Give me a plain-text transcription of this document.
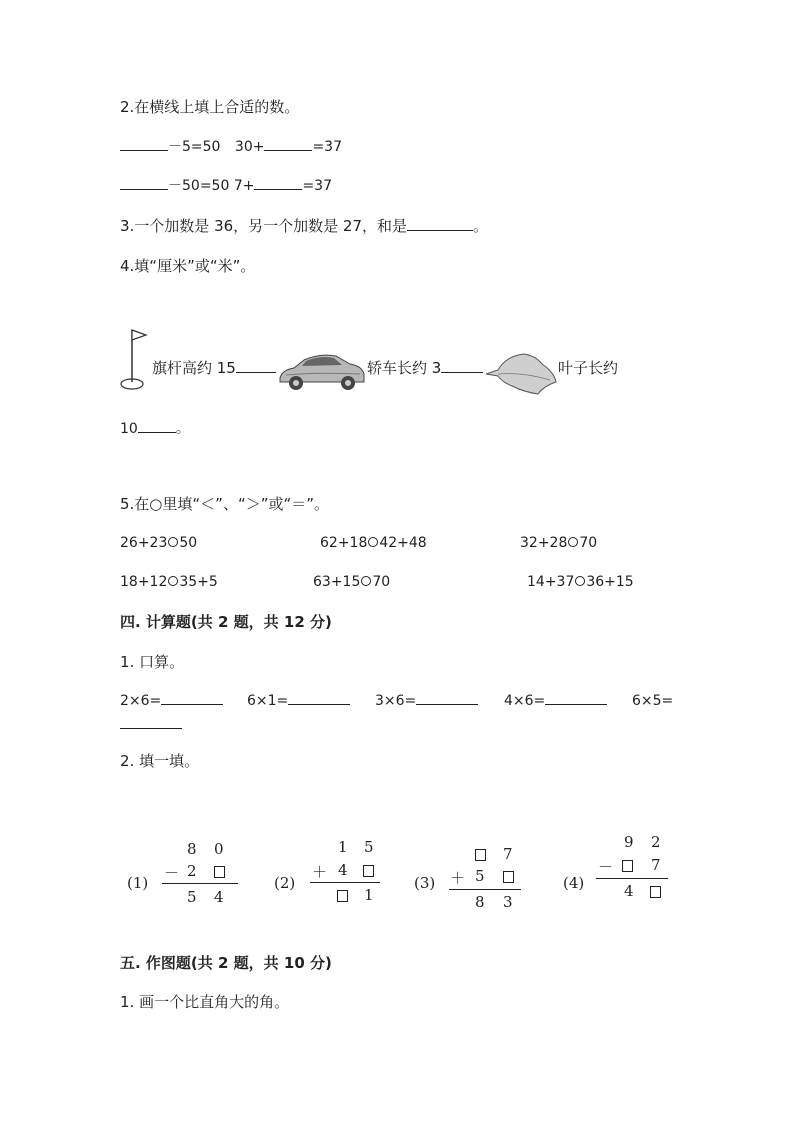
2.在横线上填上合适的数。
－5=50 30+	=37
－50=50 7+	=37
3.一个加数是 36，另一个加数是 27，和是	。
4.填“厘米”或“米”。
旗杆高约 15	轿车长约 3	叶子长约
10	。
5.在○里填“＜”、“＞”或“＝”。
26+23 50	62+18 42+48	32+28 70
18+12 35+5	63+15 70	14+37 36+15
四. 计算题(共 2 题，共 12 分)
1. 口算。
2×6=	6×1=	3×6=	4×6=	6×5=
2. 填一填。
(1)
8 0
－ 2
5 4
(2)
1 5
＋ 4
1
(3)
7
＋ 5
8 3
(4)
9 2
－	7
4
五. 作图题(共 2 题，共 10 分)
1. 画一个比直角大的角。
